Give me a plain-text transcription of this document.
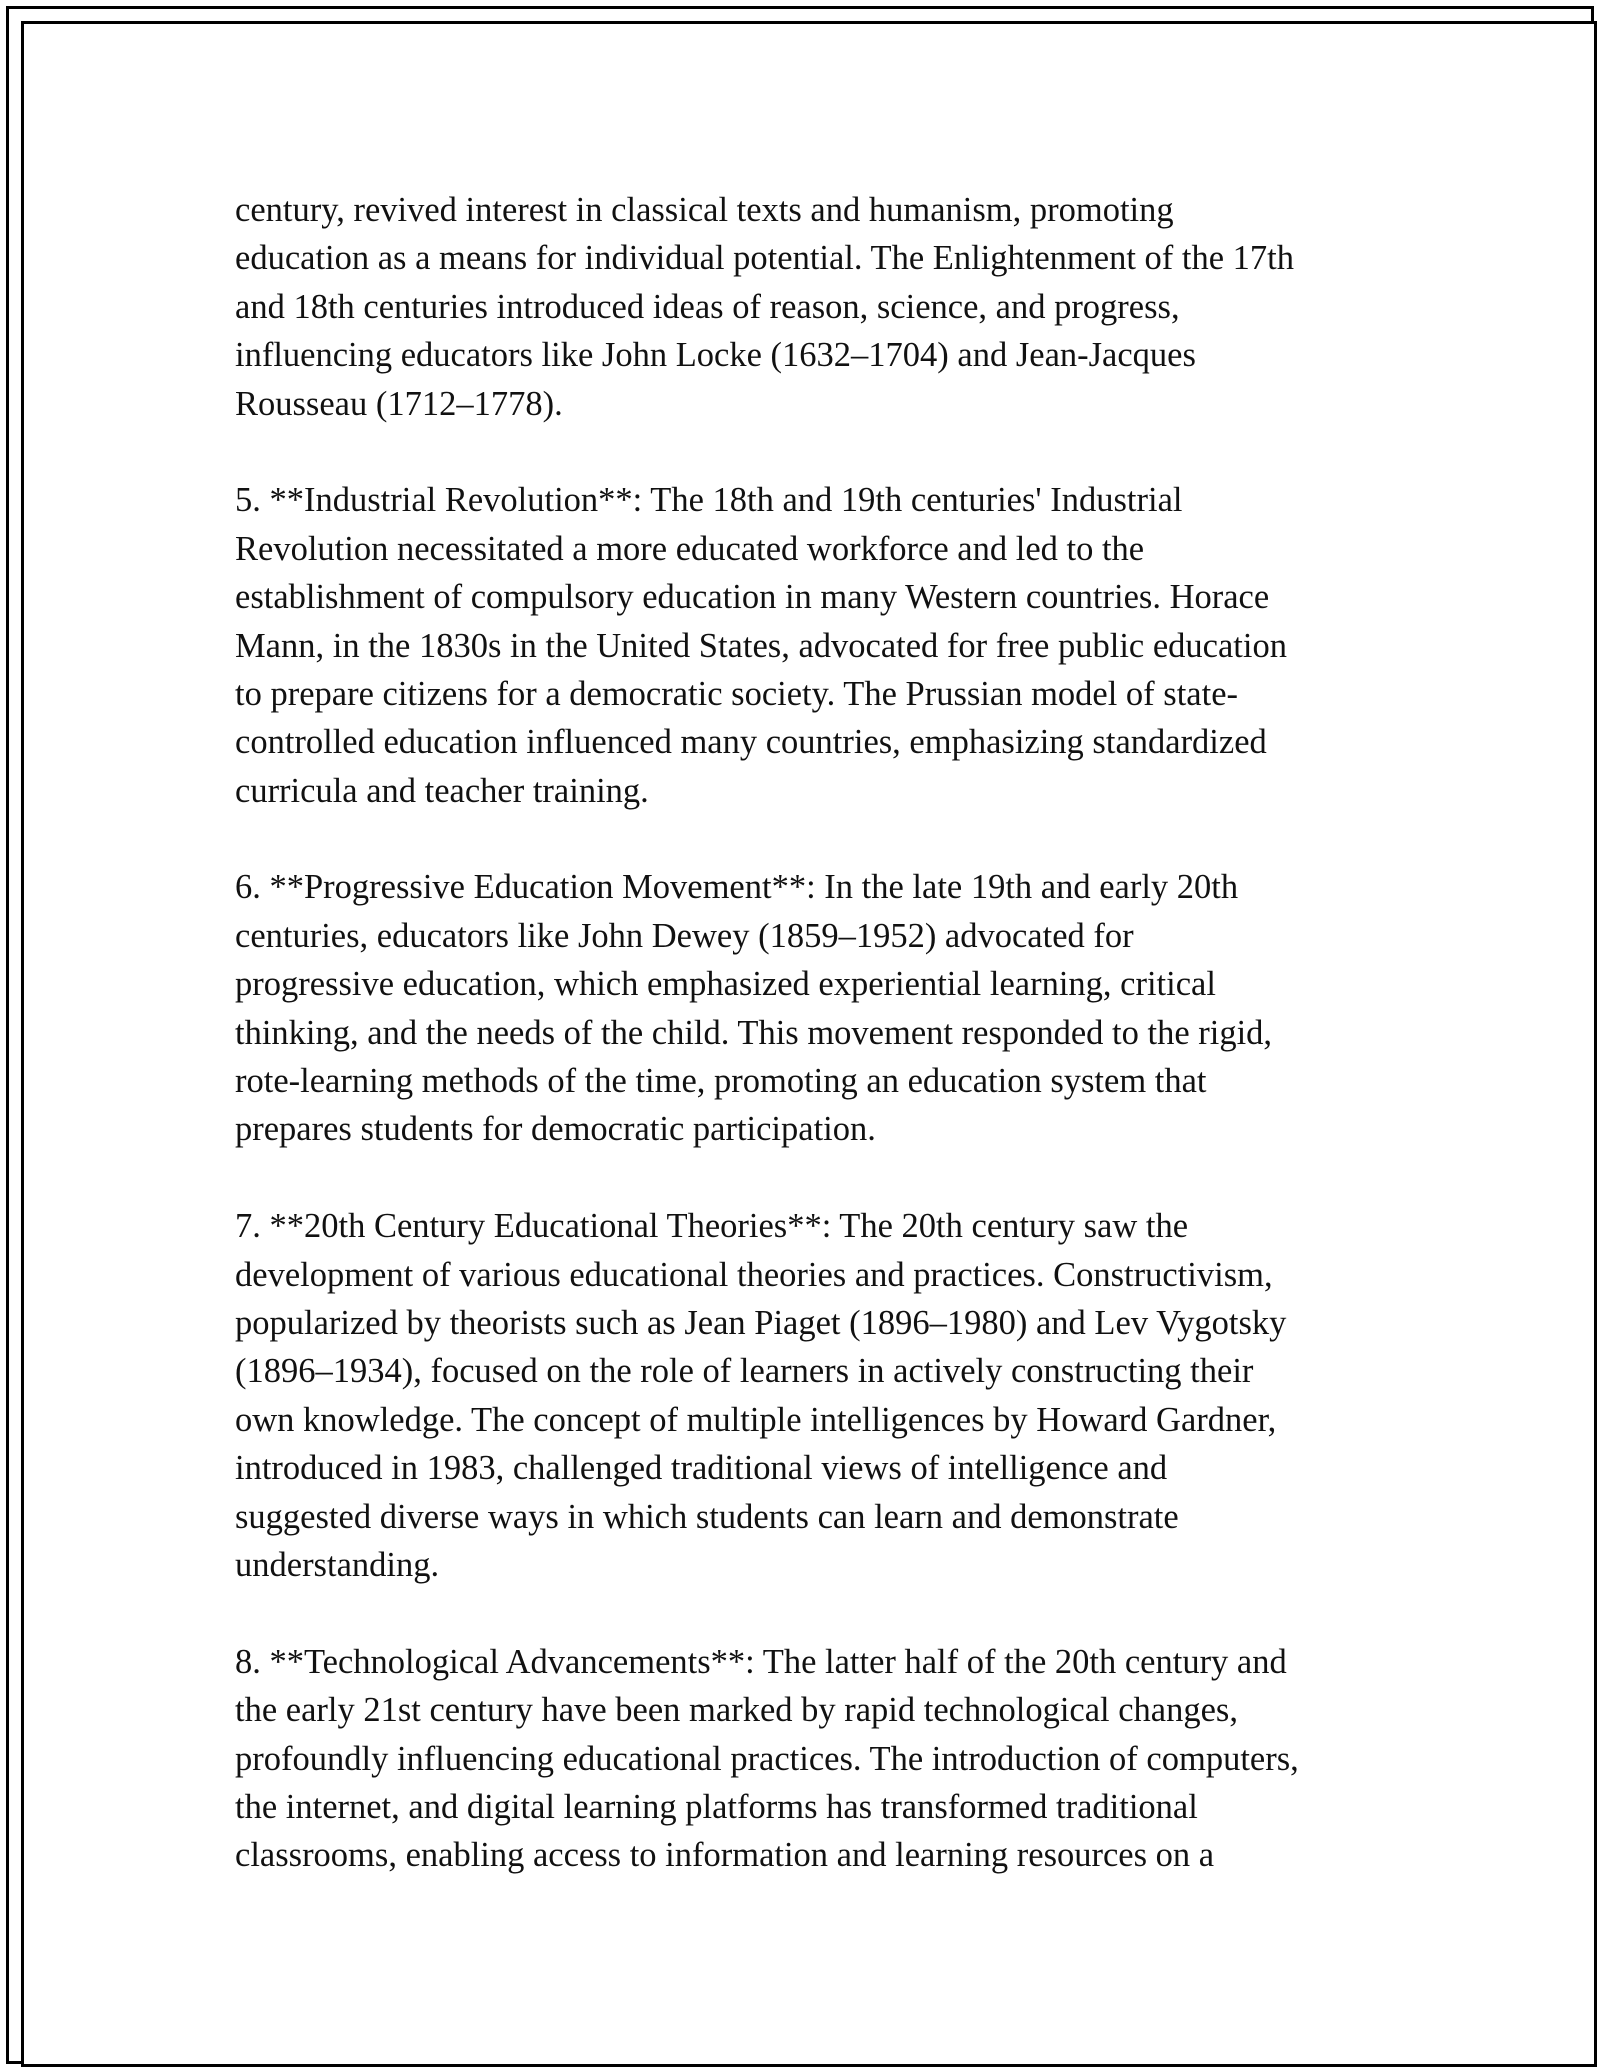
century, revived interest in classical texts and humanism, promoting
education as a means for individual potential. The Enlightenment of the 17th
and 18th centuries introduced ideas of reason, science, and progress,
influencing educators like John Locke (1632–1704) and Jean-Jacques
Rousseau (1712–1778).
5. **Industrial Revolution**: The 18th and 19th centuries' Industrial
Revolution necessitated a more educated workforce and led to the
establishment of compulsory education in many Western countries. Horace
Mann, in the 1830s in the United States, advocated for free public education
to prepare citizens for a democratic society. The Prussian model of state-
controlled education influenced many countries, emphasizing standardized
curricula and teacher training.
6. **Progressive Education Movement**: In the late 19th and early 20th
centuries, educators like John Dewey (1859–1952) advocated for
progressive education, which emphasized experiential learning, critical
thinking, and the needs of the child. This movement responded to the rigid,
rote-learning methods of the time, promoting an education system that
prepares students for democratic participation.
7. **20th Century Educational Theories**: The 20th century saw the
development of various educational theories and practices. Constructivism,
popularized by theorists such as Jean Piaget (1896–1980) and Lev Vygotsky
(1896–1934), focused on the role of learners in actively constructing their
own knowledge. The concept of multiple intelligences by Howard Gardner,
introduced in 1983, challenged traditional views of intelligence and
suggested diverse ways in which students can learn and demonstrate
understanding.
8. **Technological Advancements**: The latter half of the 20th century and
the early 21st century have been marked by rapid technological changes,
profoundly influencing educational practices. The introduction of computers,
the internet, and digital learning platforms has transformed traditional
classrooms, enabling access to information and learning resources on a
